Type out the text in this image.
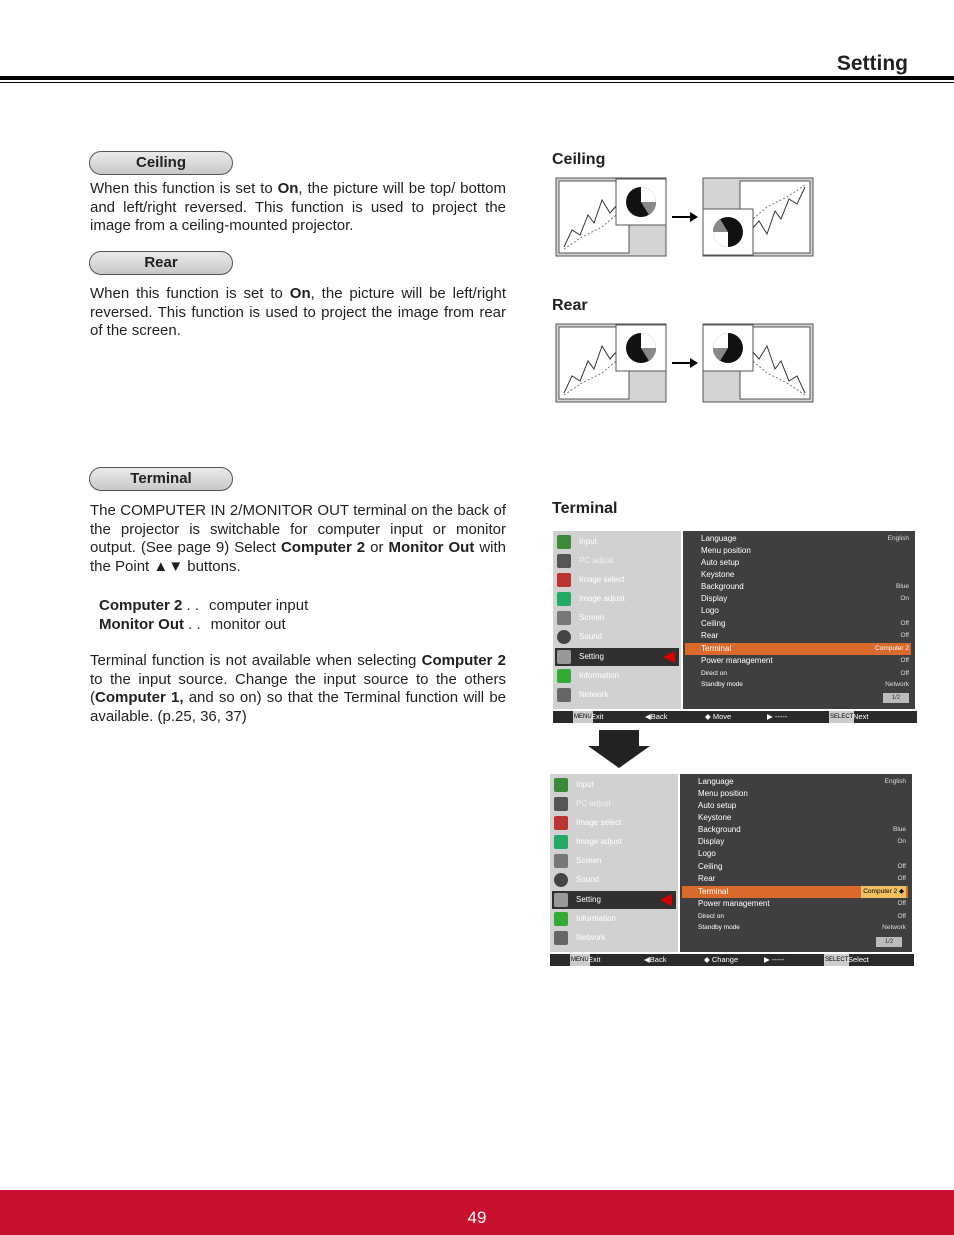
Setting
Ceiling
When this function is set to On, the picture will be top/ bottom and left/right reversed. This function is used to project the image from a ceiling-mounted projector.
Rear
When this function is set to On, the picture will be left/right reversed. This function is used to project the image from rear of the screen.
Terminal
The COMPUTER IN 2/MONITOR OUT terminal on the back of the projector is switchable for computer input or monitor output. (See page 9) Select Computer 2 or Monitor Out with the Point ▲▼ buttons.
Computer 2 . . computer input
Monitor Out . . monitor out
Terminal function is not available when selecting Computer 2 to the input source. Change the input source to the others (Computer 1, and so on) so that the Terminal function will be available. (p.25, 36, 37)
Ceiling
Rear
Terminal
Input
PC adjust
Image select
Image adjust
Screen
Sound
Setting
Information
Network
Language	English
Menu position
Auto setup
Keystone
Background	Blue
Display	On
Logo
Ceiling	Off
Rear	Off
Terminal	Computer 2
Power management	Off
Direct on	Off
Standby mode	Network
1/2
MENU Exit	◀Back	◆ Move	▶ -----	SELECT Next
Input
PC adjust
Image select
Image adjust
Screen
Sound
Setting
Information
Network
Language	English
Menu position
Auto setup
Keystone
Background	Blue
Display	On
Logo
Ceiling	Off
Rear	Off
Terminal	Computer 2 ◆
Power management	Off
Direct on	Off
Standby mode	Network
1/2
MENU Exit	◀Back	◆ Change	▶ -----	SELECT Select
49
